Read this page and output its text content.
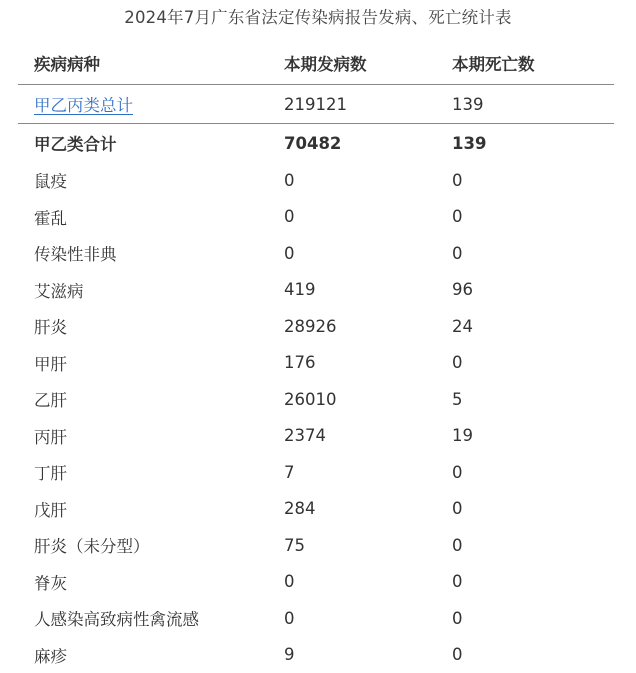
2024年7月广东省法定传染病报告发病、死亡统计表
疾病病种	本期发病数	本期死亡数
甲乙丙类总计	219121	139
甲乙类合计	70482	139
鼠疫	0	0
霍乱	0	0
传染性非典	0	0
艾滋病	419	96
肝炎	28926	24
甲肝	176	0
乙肝	26010	5
丙肝	2374	19
丁肝	7	0
戊肝	284	0
肝炎（未分型）	75	0
脊灰	0	0
人感染高致病性禽流感	0	0
麻疹	9	0
